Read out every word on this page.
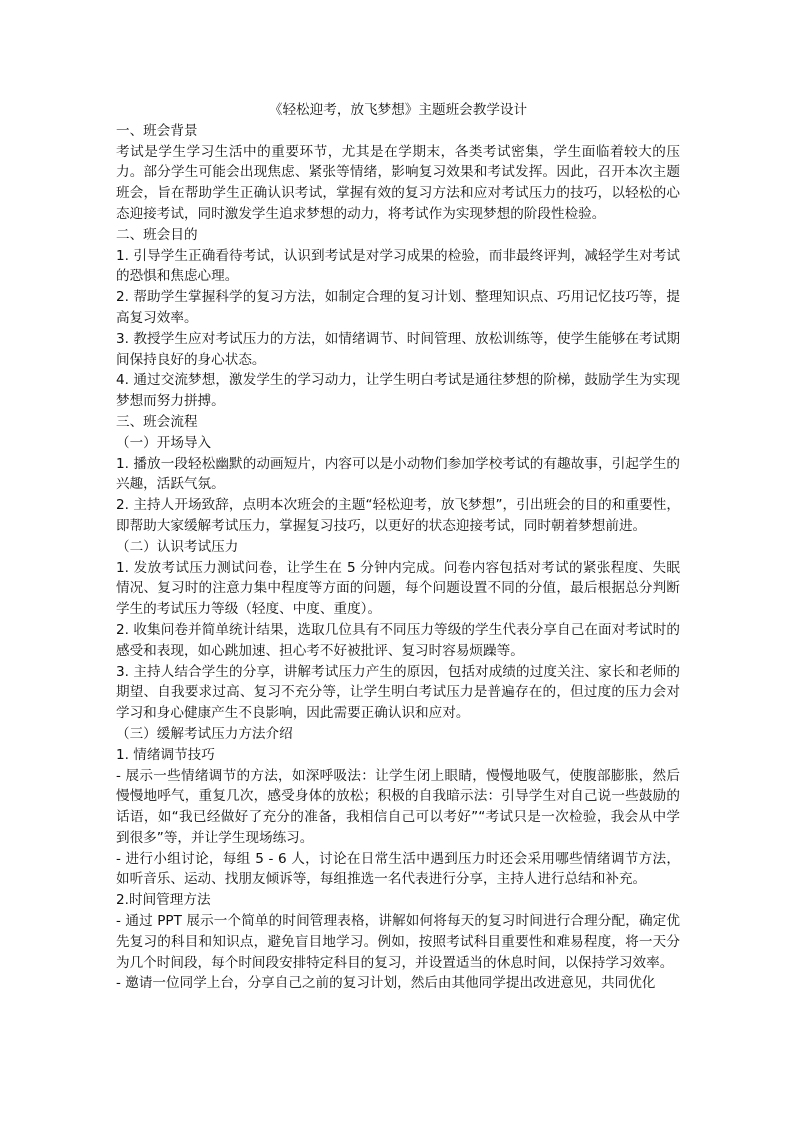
《轻松迎考，放飞梦想》主题班会教学设计

一、班会背景

考试是学生学习生活中的重要环节，尤其是在学期末，各类考试密集，学生面临着较大的压力。部分学生可能会出现焦虑、紧张等情绪，影响复习效果和考试发挥。因此，召开本次主题班会，旨在帮助学生正确认识考试，掌握有效的复习方法和应对考试压力的技巧，以轻松的心态迎接考试，同时激发学生追求梦想的动力，将考试作为实现梦想的阶段性检验。

二、班会目的

1. 引导学生正确看待考试，认识到考试是对学习成果的检验，而非最终评判，减轻学生对考试的恐惧和焦虑心理。

2. 帮助学生掌握科学的复习方法，如制定合理的复习计划、整理知识点、巧用记忆技巧等，提高复习效率。

3. 教授学生应对考试压力的方法，如情绪调节、时间管理、放松训练等，使学生能够在考试期间保持良好的身心状态。

4. 通过交流梦想，激发学生的学习动力，让学生明白考试是通往梦想的阶梯，鼓励学生为实现梦想而努力拼搏。

三、班会流程

（一）开场导入

1. 播放一段轻松幽默的动画短片，内容可以是小动物们参加学校考试的有趣故事，引起学生的兴趣，活跃气氛。

2. 主持人开场致辞，点明本次班会的主题“轻松迎考，放飞梦想”，引出班会的目的和重要性，即帮助大家缓解考试压力，掌握复习技巧，以更好的状态迎接考试，同时朝着梦想前进。

（二）认识考试压力

1. 发放考试压力测试问卷，让学生在 5 分钟内完成。问卷内容包括对考试的紧张程度、失眠情况、复习时的注意力集中程度等方面的问题，每个问题设置不同的分值，最后根据总分判断学生的考试压力等级（轻度、中度、重度）。

2. 收集问卷并简单统计结果，选取几位具有不同压力等级的学生代表分享自己在面对考试时的感受和表现，如心跳加速、担心考不好被批评、复习时容易烦躁等。

3. 主持人结合学生的分享，讲解考试压力产生的原因，包括对成绩的过度关注、家长和老师的期望、自我要求过高、复习不充分等，让学生明白考试压力是普遍存在的，但过度的压力会对学习和身心健康产生不良影响，因此需要正确认识和应对。

（三）缓解考试压力方法介绍

1. 情绪调节技巧

- 展示一些情绪调节的方法，如深呼吸法：让学生闭上眼睛，慢慢地吸气，使腹部膨胀，然后慢慢地呼气，重复几次，感受身体的放松；积极的自我暗示法：引导学生对自己说一些鼓励的话语，如“我已经做好了充分的准备，我相信自己可以考好”“考试只是一次检验，我会从中学到很多”等，并让学生现场练习。

- 进行小组讨论，每组 5 - 6 人，讨论在日常生活中遇到压力时还会采用哪些情绪调节方法，如听音乐、运动、找朋友倾诉等，每组推选一名代表进行分享，主持人进行总结和补充。

2.时间管理方法

- 通过 PPT 展示一个简单的时间管理表格，讲解如何将每天的复习时间进行合理分配，确定优先复习的科目和知识点，避免盲目地学习。例如，按照考试科目重要性和难易程度，将一天分为几个时间段，每个时间段安排特定科目的复习，并设置适当的休息时间，以保持学习效率。

- 邀请一位同学上台，分享自己之前的复习计划，然后由其他同学提出改进意见，共同优化
